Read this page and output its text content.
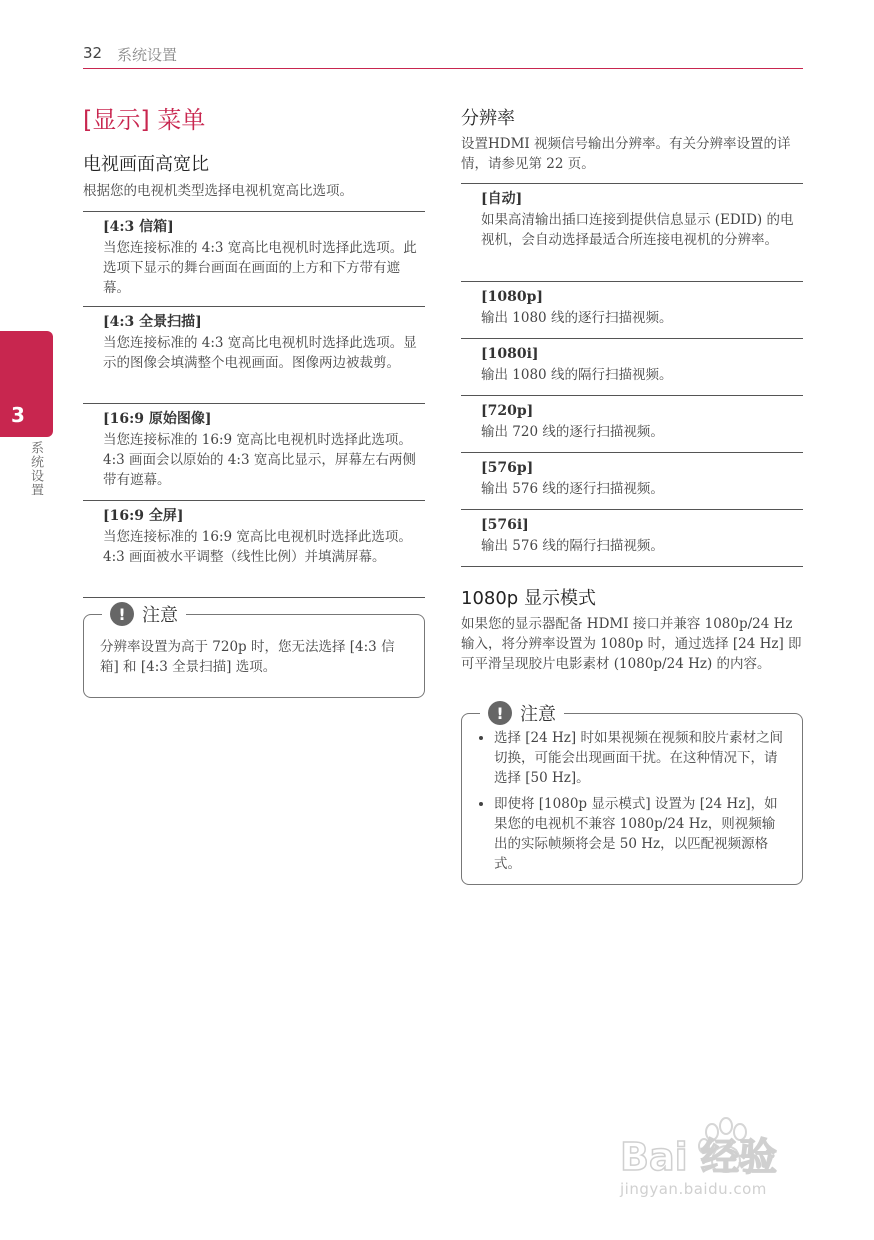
32 系统设置
3
系统设置
[显示] 菜单
电视画面高宽比
根据您的电视机类型选择电视机宽高比选项。
[4:3 信箱]
当您连接标准的 4:3 宽高比电视机时选择此选项。此选项下显示的舞台画面在画面的上方和下方带有遮幕。
[4:3 全景扫描]
当您连接标准的 4:3 宽高比电视机时选择此选项。显示的图像会填满整个电视画面。图像两边被裁剪。
[16:9 原始图像]
当您连接标准的 16:9 宽高比电视机时选择此选项。 4:3 画面会以原始的 4:3 宽高比显示，屏幕左右两侧带有遮幕。
[16:9 全屏]
当您连接标准的 16:9 宽高比电视机时选择此选项。 4:3 画面被水平调整（线性比例）并填满屏幕。
! 注意
分辨率设置为高于 720p 时，您无法选择 [4:3 信箱] 和 [4:3 全景扫描] 选项。
分辨率
设置HDMI 视频信号输出分辨率。有关分辨率设置的详情，请参见第 22 页。
[自动]
如果高清输出插口连接到提供信息显示 (EDID) 的电视机，会自动选择最适合所连接电视机的分辨率。
[1080p]
输出 1080 线的逐行扫描视频。
[1080i]
输出 1080 线的隔行扫描视频。
[720p]
输出 720 线的逐行扫描视频。
[576p]
输出 576 线的逐行扫描视频。
[576i]
输出 576 线的隔行扫描视频。
1080p 显示模式
如果您的显示器配备 HDMI 接口并兼容 1080p/24 Hz 输入，将分辨率设置为 1080p 时，通过选择 [24 Hz] 即可平滑呈现胶片电影素材 (1080p/24 Hz) 的内容。
! 注意
• 选择 [24 Hz] 时如果视频在视频和胶片素材之间切换，可能会出现画面干扰。在这种情况下，请选择 [50 Hz]。
• 即使将 [1080p 显示模式] 设置为 [24 Hz]，如果您的电视机不兼容 1080p/24 Hz，则视频输出的实际帧频将会是 50 Hz，以匹配视频源格式。
Bai 经验
jingyan.baidu.com
